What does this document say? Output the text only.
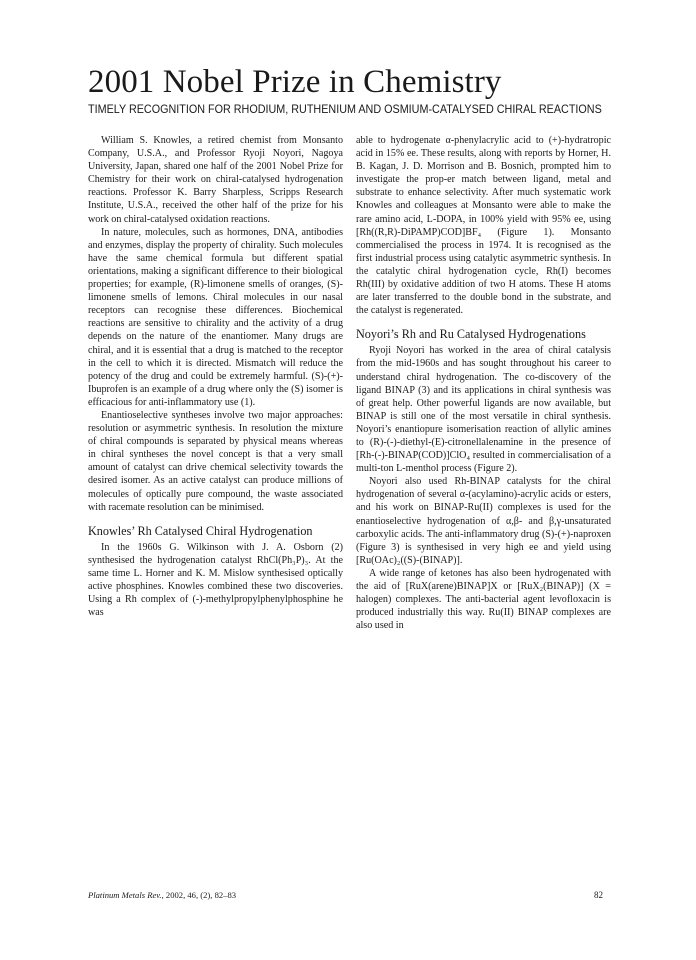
2001 Nobel Prize in Chemistry
TIMELY RECOGNITION FOR RHODIUM, RUTHENIUM AND OSMIUM-CATALYSED CHIRAL REACTIONS

William S. Knowles, a retired chemist from Monsanto Company, U.S.A., and Professor Ryoji Noyori, Nagoya University, Japan, shared one half of the 2001 Nobel Prize for Chemistry for their work on chiral-catalysed hydrogenation reactions. Professor K. Barry Sharpless, Scripps Research Institute, U.S.A., received the other half of the prize for his work on chiral-catalysed oxidation reactions.

In nature, molecules, such as hormones, DNA, antibodies and enzymes, display the property of chirality. Such molecules have the same chemical formula but different spatial orientations, making a significant difference to their biological properties; for example, (R)-limonene smells of oranges, (S)-limonene smells of lemons. Chiral molecules in our nasal receptors can recognise these differences. Biochemical reactions are sensitive to chirality and the activity of a drug depends on the nature of the enantiomer. Many drugs are chiral, and it is essential that a drug is matched to the receptor in the cell to which it is directed. Mismatch will reduce the potency of the drug and could be extremely harmful. (S)-(+)-Ibuprofen is an example of a drug where only the (S) isomer is efficacious for anti-inflammatory use (1).

Enantioselective syntheses involve two major approaches: resolution or asymmetric synthesis. In resolution the mixture of chiral compounds is separated by physical means whereas in chiral syntheses the novel concept is that a very small amount of catalyst can drive chemical selectivity towards the desired isomer. As an active catalyst can produce millions of molecules of optically pure compound, the waste associated with racemate resolution can be minimised.

Knowles’ Rh Catalysed Chiral Hydrogenation

In the 1960s G. Wilkinson with J. A. Osborn (2) synthesised the hydrogenation catalyst RhCl(Ph₃P)₃. At the same time L. Horner and K. M. Mislow synthesised optically active phosphines. Knowles combined these two discoveries. Using a Rh complex of (-)-methylpropylphenylphosphine he was

able to hydrogenate α-phenylacrylic acid to (+)-hydratropic acid in 15% ee. These results, along with reports by Horner, H. B. Kagan, J. D. Morrison and B. Bosnich, prompted him to investigate the prop-er match between ligand, metal and substrate to enhance selectivity. After much systematic work Knowles and colleagues at Monsanto were able to make the rare amino acid, L-DOPA, in 100% yield with 95% ee, using [Rh((R,R)-DiPAMP)COD]BF₄ (Figure 1). Monsanto commercialised the process in 1974. It is recognised as the first industrial process using catalytic asymmetric synthesis. In the catalytic chiral hydrogenation cycle, Rh(I) becomes Rh(III) by oxidative addition of two H atoms. These H atoms are later transferred to the double bond in the substrate, and the catalyst is regenerated.

Noyori’s Rh and Ru Catalysed Hydrogenations

Ryoji Noyori has worked in the area of chiral catalysis from the mid-1960s and has sought throughout his career to understand chiral hydrogenation. The co-discovery of the ligand BINAP (3) and its applications in chiral synthesis was of great help. Other powerful ligands are now available, but BINAP is still one of the most versatile in chiral synthesis. Noyori’s enantiopure isomerisation reaction of allylic amines to (R)-(-)-diethyl-(E)-citronellalenamine in the presence of [Rh-(-)-BINAP(COD)]ClO₄ resulted in commercialisation of a multi-ton L-menthol process (Figure 2).

Noyori also used Rh-BINAP catalysts for the chiral hydrogenation of several α-(acylamino)-acrylic acids or esters, and his work on BINAP-Ru(II) complexes is used for the enantioselective hydrogenation of α,β- and β,γ-unsaturated carboxylic acids. The anti-inflammatory drug (S)-(+)-naproxen (Figure 3) is synthesised in very high ee and yield using [Ru(OAc)₂((S)-(BINAP)].

A wide range of ketones has also been hydrogenated with the aid of [RuX(arene)BINAP]X or [RuX₂(BINAP)] (X = halogen) complexes. The anti-bacterial agent levofloxacin is produced industrially this way. Ru(II) BINAP complexes are also used in

Platinum Metals Rev., 2002, 46, (2), 82–83	82
